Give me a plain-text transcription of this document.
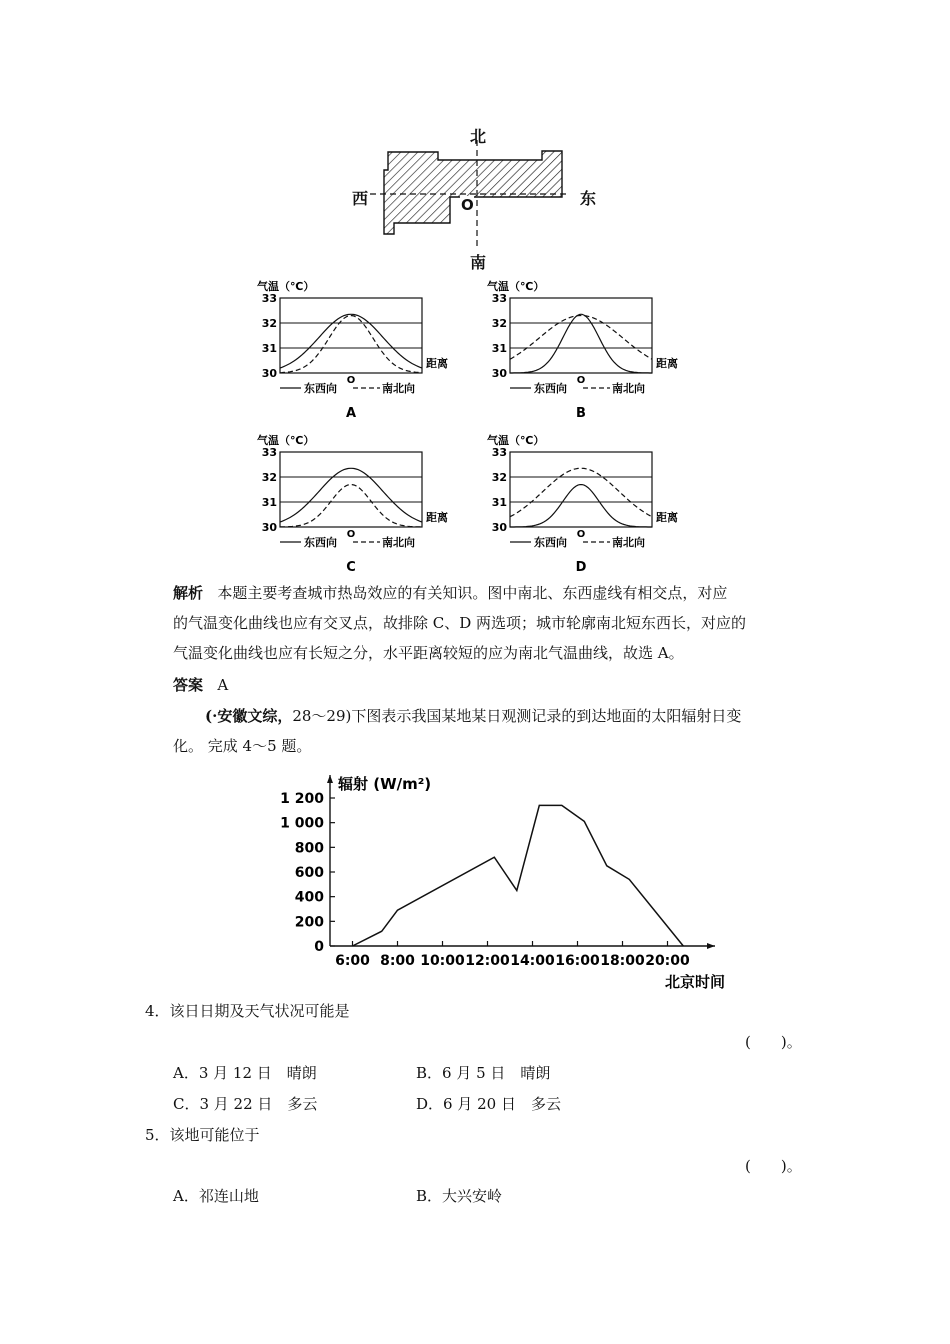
北
南
西	东
O
气温（℃）
33
32
31
30
距离
O
东西向	南北向
A
气温（℃）
33
32
31
30
距离
O
东西向	南北向
B
气温（℃）
33
32
31
30
距离
O
东西向	南北向
C
气温（℃）
33
32
31
30
距离
O
东西向	南北向
D
解析 本题主要考查城市热岛效应的有关知识。图中南北、东西虚线有相交点，对应
的气温变化曲线也应有交叉点，故排除 C、D 两选项；城市轮廓南北短东西长，对应的
气温变化曲线也应有长短之分，水平距离较短的应为南北气温曲线，故选 A。
答案 A
(·安徽文综，28～29)下图表示我国某地某日观测记录的到达地面的太阳辐射日变
化。 完成 4～5 题。
辐射 (W/m²)
0
200
400
600
800
1 000
1 200
6:00 8:00 10:00 12:00 14:00 16:00 18:00 20:00
北京时间
4．该日日期及天气状况可能是
(　　)。
A．3 月 12 日　晴朗	B．6 月 5 日　晴朗
C．3 月 22 日　多云	D．6 月 20 日　多云
5．该地可能位于
(　　)。
A．祁连山地	B．大兴安岭
